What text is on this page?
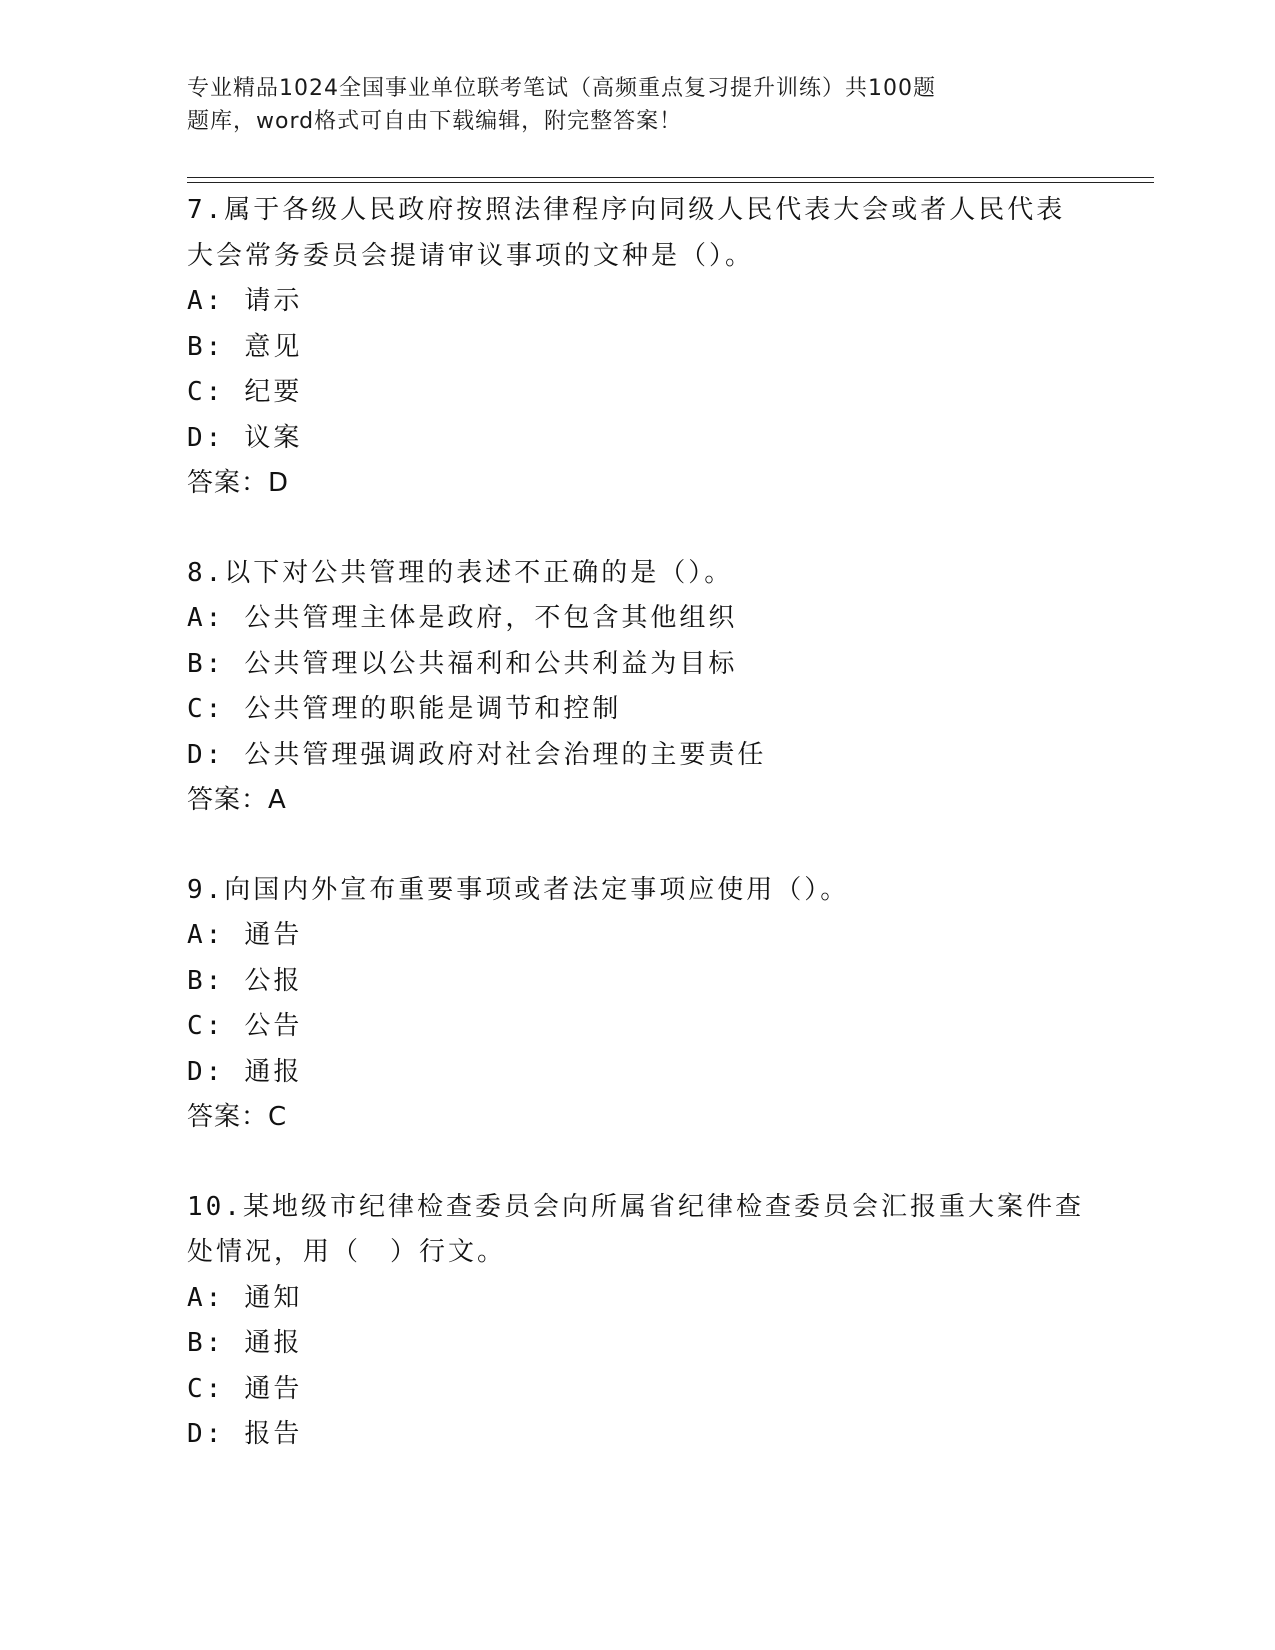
专业精品1024全国事业单位联考笔试（高频重点复习提升训练）共100题
题库，word格式可自由下载编辑，附完整答案！
7.属于各级人民政府按照法律程序向同级人民代表大会或者人民代表
大会常务委员会提请审议事项的文种是（）。
A: 请示
B: 意见
C: 纪要
D: 议案
答案：D
8.以下对公共管理的表述不正确的是（）。
A: 公共管理主体是政府，不包含其他组织
B: 公共管理以公共福利和公共利益为目标
C: 公共管理的职能是调节和控制
D: 公共管理强调政府对社会治理的主要责任
答案：A
9.向国内外宣布重要事项或者法定事项应使用（）。
A: 通告
B: 公报
C: 公告
D: 通报
答案：C
10.某地级市纪律检查委员会向所属省纪律检查委员会汇报重大案件查
处情况，用（　）行文。
A: 通知
B: 通报
C: 通告
D: 报告
